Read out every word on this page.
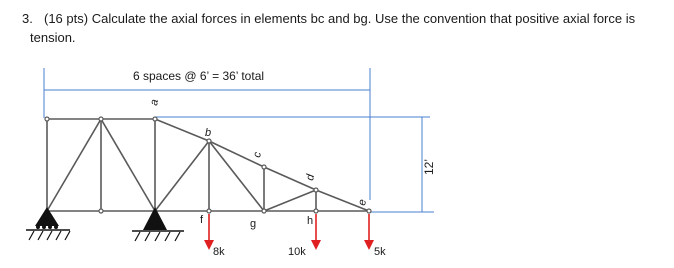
3. (16 pts) Calculate the axial forces in elements bc and bg. Use the convention that positive axial force is tension.
6 spaces @ 6’ = 36’ total
12’
a
b
c
d
e
f	g	h
8k	10k	5k
